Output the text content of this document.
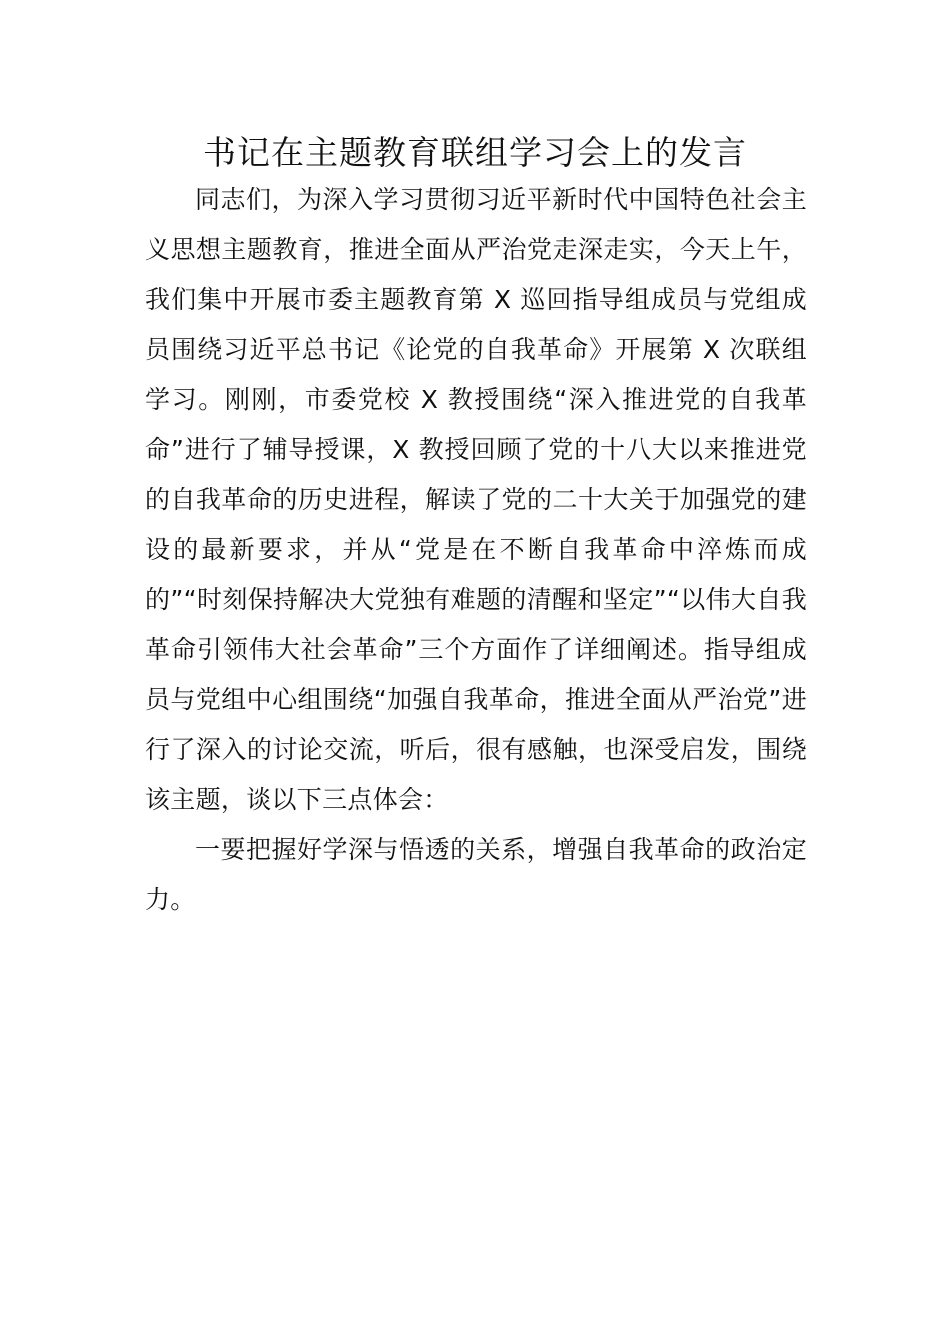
书记在主题教育联组学习会上的发言

同志们，为深入学习贯彻习近平新时代中国特色社会主义思想主题教育，推进全面从严治党走深走实，今天上午，我们集中开展市委主题教育第 X 巡回指导组成员与党组成员围绕习近平总书记《论党的自我革命》开展第 X 次联组学习。刚刚，市委党校 X 教授围绕“深入推进党的自我革命”进行了辅导授课，X 教授回顾了党的十八大以来推进党的自我革命的历史进程，解读了党的二十大关于加强党的建设的最新要求，并从“党是在不断自我革命中淬炼而成的”“时刻保持解决大党独有难题的清醒和坚定”“以伟大自我革命引领伟大社会革命”三个方面作了详细阐述。指导组成员与党组中心组围绕“加强自我革命，推进全面从严治党”进行了深入的讨论交流，听后，很有感触，也深受启发，围绕该主题，谈以下三点体会：

一要把握好学深与悟透的关系，增强自我革命的政治定力。
